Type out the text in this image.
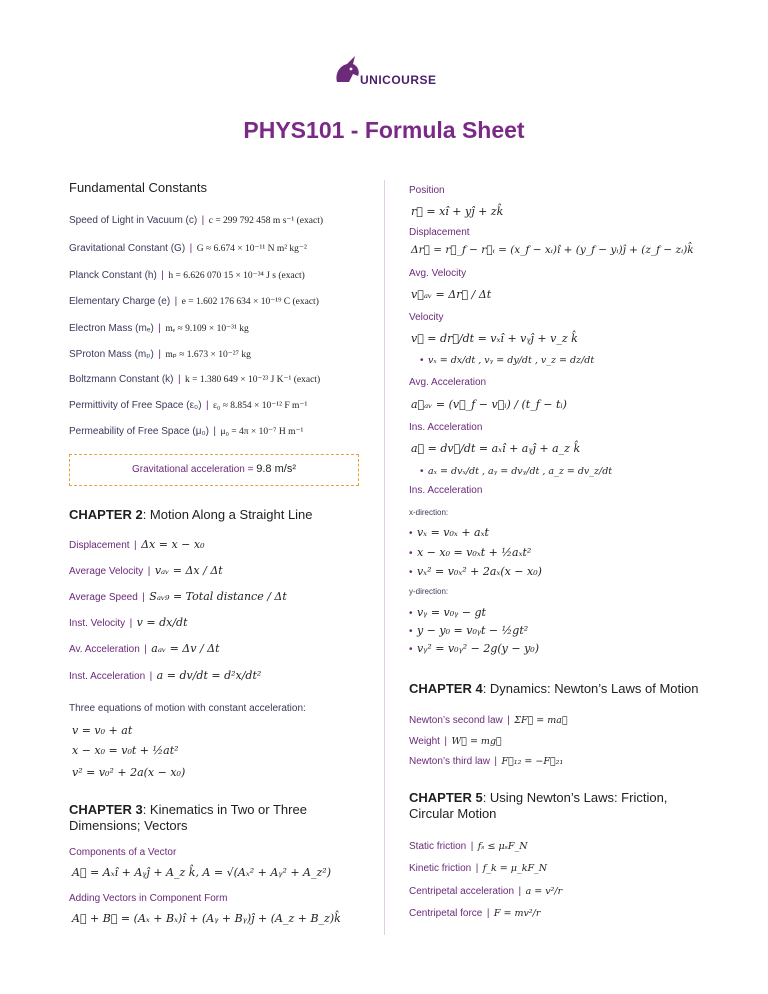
UNICOURSE
PHYS101 - Formula Sheet
Fundamental Constants
Speed of Light in Vacuum (c) | c = 299 792 458 m s⁻¹ (exact)
Gravitational Constant (G) | G ≈ 6.674 × 10⁻¹¹ N m² kg⁻²
Planck Constant (h) | h = 6.626 070 15 × 10⁻³⁴ J s (exact)
Elementary Charge (e) | e = 1.602 176 634 × 10⁻¹⁹ C (exact)
Electron Mass (mₑ) | mₑ ≈ 9.109 × 10⁻³¹ kg
SProton Mass (mₚ) | mₚ ≈ 1.673 × 10⁻²⁷ kg
Boltzmann Constant (k) | k = 1.380 649 × 10⁻²³ J K⁻¹ (exact)
Permittivity of Free Space (ε₀) | ε₀ ≈ 8.854 × 10⁻¹² F m⁻¹
Permeability of Free Space (μ₀) | μ₀ = 4π × 10⁻⁷ H m⁻¹
Gravitational acceleration = 9.8 m/s²
CHAPTER 2: Motion Along a Straight Line
Displacement | Δx = x − x₀
Average Velocity | vₐᵥ = Δx / Δt
Average Speed | Sₐᵥ₉ = Total distance / Δt
Inst. Velocity | v = dx/dt
Av. Acceleration | aₐᵥ = Δv / Δt
Inst. Acceleration | a = dv/dt = d²x/dt²
Three equations of motion with constant acceleration:
v = v₀ + at
x − x₀ = v₀t + ½at²
v² = v₀² + 2a(x − x₀)
CHAPTER 3: Kinematics in Two or Three
Dimensions; Vectors
Components of a Vector
A⃗ = Aₓî + Aᵧĵ + A_z k̂, A = √(Aₓ² + Aᵧ² + A_z²)
Adding Vectors in Component Form
A⃗ + B⃗ = (Aₓ + Bₓ)î + (Aᵧ + Bᵧ)ĵ + (A_z + B_z)k̂
Position
r⃗ = xî + yĵ + zk̂
Displacement
Δr⃗ = r⃗_f − r⃗ᵢ = (x_f − xᵢ)î + (y_f − yᵢ)ĵ + (z_f − zᵢ)k̂
Avg. Velocity
v⃗ₐᵥ = Δr⃗ / Δt
Velocity
v⃗ = dr⃗/dt = vₓî + vᵧĵ + v_z k̂
• vₓ = dx/dt , vᵧ = dy/dt , v_z = dz/dt
Avg. Acceleration
a⃗ₐᵥ = (v⃗_f − v⃗ᵢ) / (t_f − tᵢ)
Ins. Acceleration
a⃗ = dv⃗/dt = aₓî + aᵧĵ + a_z k̂
• aₓ = dvₓ/dt , aᵧ = dvᵧ/dt , a_z = dv_z/dt
Ins. Acceleration
x-direction:
• vₓ = v₀ₓ + aₓt
• x − x₀ = v₀ₓt + ½aₓt²
• vₓ² = v₀ₓ² + 2aₓ(x − x₀)
y-direction:
• vᵧ = v₀ᵧ − gt
• y − y₀ = v₀ᵧt − ½gt²
• vᵧ² = v₀ᵧ² − 2g(y − y₀)
CHAPTER 4: Dynamics: Newton’s Laws of Motion
Newton’s second law | ΣF⃗ = ma⃗
Weight | W⃗ = mg⃗
Newton’s third law | F⃗₁₂ = −F⃗₂₁
CHAPTER 5: Using Newton’s Laws: Friction,
Circular Motion
Static friction | fₛ ≤ μₛF_N
Kinetic friction | f_k = μ_kF_N
Centripetal acceleration | a = v²/r
Centripetal force | F = mv²/r
